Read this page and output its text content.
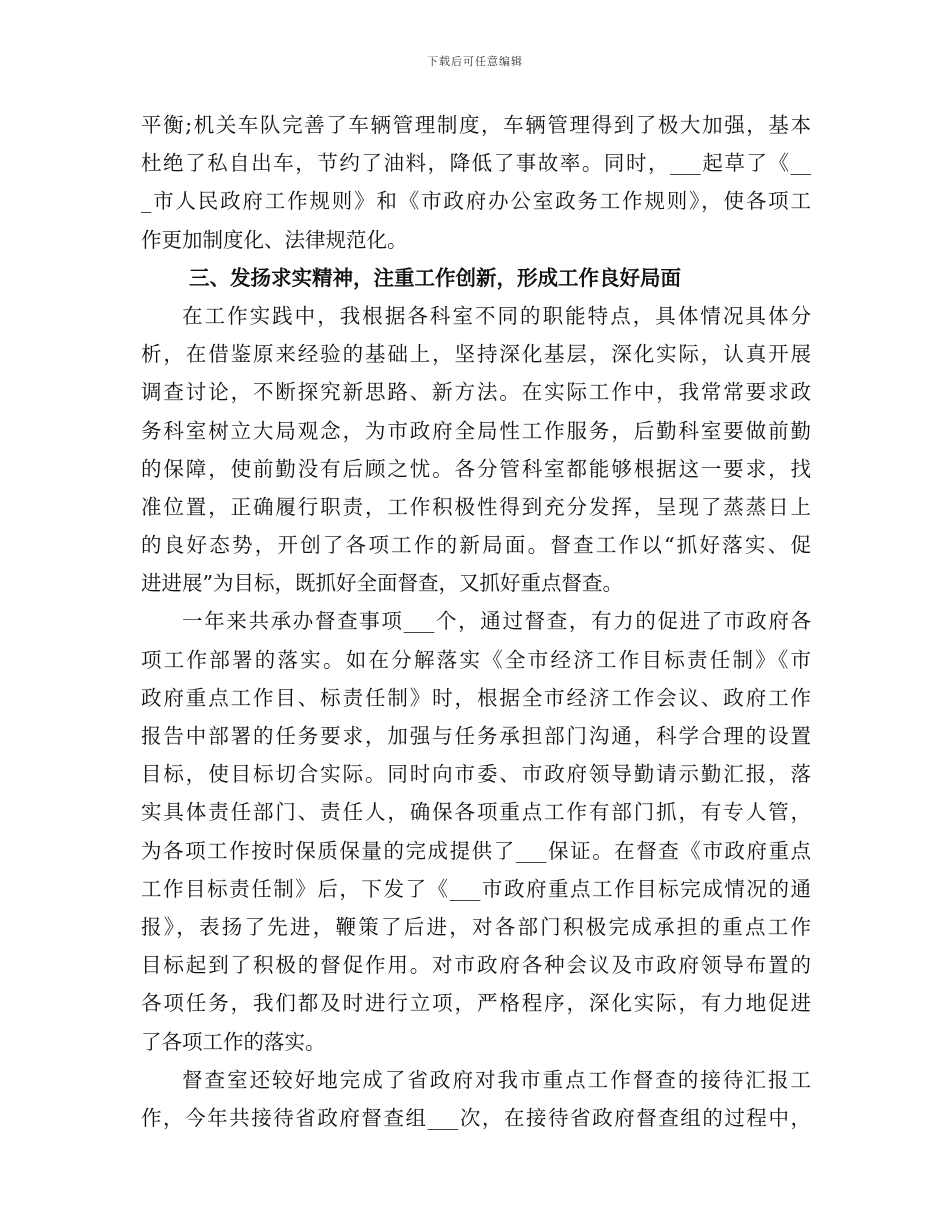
下载后可任意编辑
平衡;机关车队完善了车辆管理制度，车辆管理得到了极大加强，基本
杜绝了私自出车，节约了油料，降低了事故率。同时，___起草了《__
_市人民政府工作规则》和《市政府办公室政务工作规则》，使各项工
作更加制度化、法律规范化。
三、发扬求实精神，注重工作创新，形成工作良好局面
在工作实践中，我根据各科室不同的职能特点，具体情况具体分
析，在借鉴原来经验的基础上，坚持深化基层，深化实际，认真开展
调查讨论，不断探究新思路、新方法。在实际工作中，我常常要求政
务科室树立大局观念，为市政府全局性工作服务，后勤科室要做前勤
的保障，使前勤没有后顾之忧。各分管科室都能够根据这一要求，找
准位置，正确履行职责，工作积极性得到充分发挥，呈现了蒸蒸日上
的良好态势，开创了各项工作的新局面。督查工作以“抓好落实、促
进进展”为目标，既抓好全面督查，又抓好重点督查。
一年来共承办督查事项___个，通过督查，有力的促进了市政府各
项工作部署的落实。如在分解落实《全市经济工作目标责任制》《市
政府重点工作目、标责任制》时，根据全市经济工作会议、政府工作
报告中部署的任务要求，加强与任务承担部门沟通，科学合理的设置
目标，使目标切合实际。同时向市委、市政府领导勤请示勤汇报，落
实具体责任部门、责任人，确保各项重点工作有部门抓，有专人管，
为各项工作按时保质保量的完成提供了___保证。在督查《市政府重点
工作目标责任制》后，下发了《___市政府重点工作目标完成情况的通
报》，表扬了先进，鞭策了后进，对各部门积极完成承担的重点工作
目标起到了积极的督促作用。对市政府各种会议及市政府领导布置的
各项任务，我们都及时进行立项，严格程序，深化实际，有力地促进
了各项工作的落实。
督查室还较好地完成了省政府对我市重点工作督查的接待汇报工
作，今年共接待省政府督查组___次，在接待省政府督查组的过程中，
